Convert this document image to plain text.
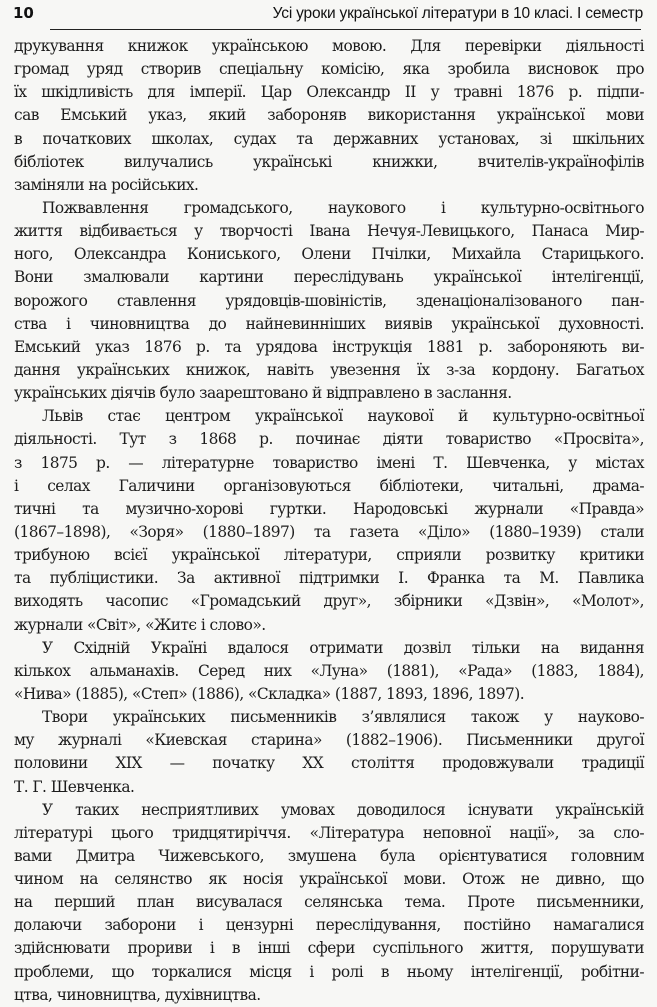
10	Усі уроки української літератури в 10 класі. І семестр
друкування книжок українською мовою. Для перевірки діяльності
громад уряд створив спеціальну комісію, яка зробила висновок про
їх шкідливість для імперії. Цар Олександр ІІ у травні 1876 р. підпи-
сав Емський указ, який забороняв використання української мови
в початкових школах, судах та державних установах, зі шкільних
бібліотек вилучались українські книжки, вчителів-українофілів
заміняли на російських.
Пожвавлення громадського, наукового і культурно-освітнього
життя відбивається у творчості Івана Нечуя-Левицького, Панаса Мир-
ного, Олександра Кониського, Олени Пчілки, Михайла Старицького.
Вони змалювали картини переслідувань української інтелігенції,
ворожого ставлення урядовців-шовіністів, зденаціоналізованого пан-
ства і чиновництва до найневинніших виявів української духовності.
Емський указ 1876 р. та урядова інструкція 1881 р. забороняють ви-
дання українських книжок, навіть увезення їх з-за кордону. Багатьох
українських діячів було заарештовано й відправлено в заслання.
Львів стає центром української наукової й культурно-освітньої
діяльності. Тут з 1868 р. починає діяти товариство «Просвіта»,
з 1875 р. — літературне товариство імені Т. Шевченка, у містах
і селах Галичини організовуються бібліотеки, читальні, драма-
тичні та музично-хорові гуртки. Народовські журнали «Правда»
(1867–1898), «Зоря» (1880–1897) та газета «Діло» (1880–1939) стали
трибуною всієї української літератури, сприяли розвитку критики
та публіцистики. За активної підтримки І. Франка та М. Павлика
виходять часопис «Громадський друг», збірники «Дзвін», «Молот»,
журнали «Світ», «Житє і слово».
У Східній Україні вдалося отримати дозвіл тільки на видання
кількох альманахів. Серед них «Луна» (1881), «Рада» (1883, 1884),
«Нива» (1885), «Степ» (1886), «Складка» (1887, 1893, 1896, 1897).
Твори українських письменників з’являлися також у науково-
му журналі «Киевская старина» (1882–1906). Письменники другої
половини XIX — початку XX століття продовжували традиції
Т. Г. Шевченка.
У таких несприятливих умовах доводилося існувати українській
літературі цього тридцятиріччя. «Література неповної нації», за сло-
вами Дмитра Чижевського, змушена була орієнтуватися головним
чином на селянство як носія української мови. Отож не дивно, що
на перший план висувалася селянська тема. Проте письменники,
долаючи заборони і цензурні переслідування, постійно намагалися
здійснювати прориви і в інші сфери суспільного життя, порушувати
проблеми, що торкалися місця і ролі в ньому інтелігенції, робітни-
цтва, чиновництва, духівництва.
